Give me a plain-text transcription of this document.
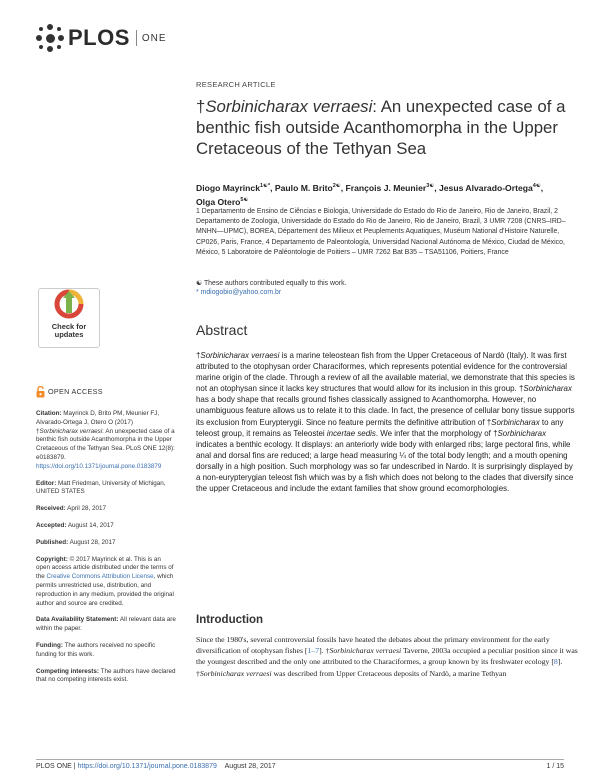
PLOS ONE
RESEARCH ARTICLE
†Sorbinicharax verraesi: An unexpected case of a benthic fish outside Acanthomorpha in the Upper Cretaceous of the Tethyan Sea
Diogo Mayrinck$^{1☯*}$, Paulo M. Brito$^{2☯}$, François J. Meunier$^{3☯}$, Jesus Alvarado-Ortega$^{4☯}$,
Olga Otero$^{5☯}$
1 Departamento de Ensino de Ciências e Biologia, Universidade do Estado do Rio de Janeiro, Rio de Janeiro, Brazil, 2 Departamento de Zoologia, Universidade do Estado do Rio de Janeiro, Rio de Janeiro, Brazil, 3 UMR 7208 (CNRS–IRD–MNHN—UPMC), BOREA, Département des Milieux et Peuplements Aquatiques, Muséum National d'Histoire Naturelle, CP026, Paris, France, 4 Departamento de Paleontología, Universidad Nacional Autónoma de México, Ciudad de México, México, 5 Laboratoire de Paléontologie de Poitiers – UMR 7262 Bat B35 – TSA51106, Poitiers, France
☯ These authors contributed equally to this work.
* mdiogobio@yahoo.com.br
Check for
updates
OPEN ACCESS
Citation: Mayrinck D, Brito PM, Meunier FJ, Alvarado-Ortega J, Otero O (2017) †Sorbinicharax verraesi: An unexpected case of a benthic fish outside Acanthomorpha in the Upper Cretaceous of the Tethyan Sea. PLoS ONE 12(8): e0183879. https://doi.org/10.1371/journal.pone.0183879
Editor: Matt Friedman, University of Michigan, UNITED STATES
Received: April 28, 2017
Accepted: August 14, 2017
Published: August 28, 2017
Copyright: © 2017 Mayrinck et al. This is an open access article distributed under the terms of the Creative Commons Attribution License, which permits unrestricted use, distribution, and reproduction in any medium, provided the original author and source are credited.
Data Availability Statement: All relevant data are within the paper.
Funding: The authors received no specific funding for this work.
Competing interests: The authors have declared that no competing interests exist.
Abstract
†Sorbinicharax verraesi is a marine teleostean fish from the Upper Cretaceous of Nardò (Italy). It was first attributed to the otophysan order Characiformes, which represents potential evidence for the controversial marine origin of the clade. Through a review of all the available material, we demonstrate that this species is not an otophysan since it lacks key structures that would allow for its inclusion in this group. †Sorbinicharax has a body shape that recalls ground fishes classically assigned to Acanthomorpha. However, no unambiguous feature allows us to relate it to this clade. In fact, the presence of cellular bony tissue supports its exclusion from Eurypterygii. Since no feature permits the definitive attribution of †Sorbinicharax to any teleost group, it remains as Teleostei incertae sedis. We infer that the morphology of †Sorbinicharax indicates a benthic ecology. It displays: an anteriorly wide body with enlarged ribs; large pectoral fins, while anal and dorsal fins are reduced; a large head measuring ¼ of the total body length; and a mouth opening dorsally in a high position. Such morphology was so far undescribed in Nardo. It is surprisingly displayed by a non-eurypterygian teleost fish which was by a fish which does not belong to the clades that diversify since the upper Cretaceous and include the extant families that show ground ecomorphologies.
Introduction
Since the 1980's, several controversial fossils have heated the debates about the primary environment for the early diversification of otophysan fishes [1–7]. †Sorbinicharax verraesi Taverne, 2003a occupied a peculiar position since it was the youngest described and the only one attributed to the Characiformes, a group known by its freshwater ecology [8]. †Sorbinicharax verraesi was described from Upper Cretaceous deposits of Nardò, a marine Tethyan
PLOS ONE | https://doi.org/10.1371/journal.pone.0183879 August 28, 2017	1 / 15
